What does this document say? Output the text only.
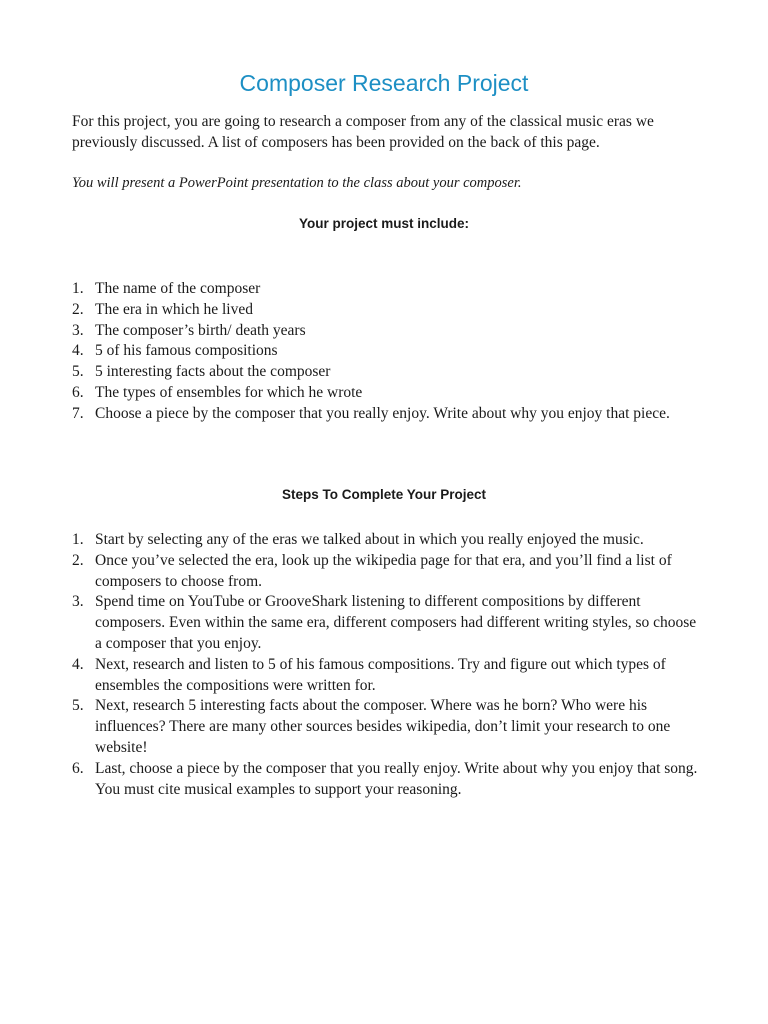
Composer Research Project

For this project, you are going to research a composer from any of the classical music eras we previously discussed. A list of composers has been provided on the back of this page.

You will present a PowerPoint presentation to the class about your composer.

Your project must include:
1. The name of the composer
2. The era in which he lived
3. The composer’s birth/ death years
4. 5 of his famous compositions
5. 5 interesting facts about the composer
6. The types of ensembles for which he wrote
7. Choose a piece by the composer that you really enjoy. Write about why you enjoy that piece.
Steps To Complete Your Project
1. Start by selecting any of the eras we talked about in which you really enjoyed the music.
2. Once you’ve selected the era, look up the wikipedia page for that era, and you’ll find a list of composers to choose from.
3. Spend time on YouTube or GrooveShark listening to different compositions by different composers. Even within the same era, different composers had different writing styles, so choose a composer that you enjoy.
4. Next, research and listen to 5 of his famous compositions. Try and figure out which types of ensembles the compositions were written for.
5. Next, research 5 interesting facts about the composer. Where was he born? Who were his influences? There are many other sources besides wikipedia, don’t limit your research to one website!
6. Last, choose a piece by the composer that you really enjoy. Write about why you enjoy that song. You must cite musical examples to support your reasoning.
